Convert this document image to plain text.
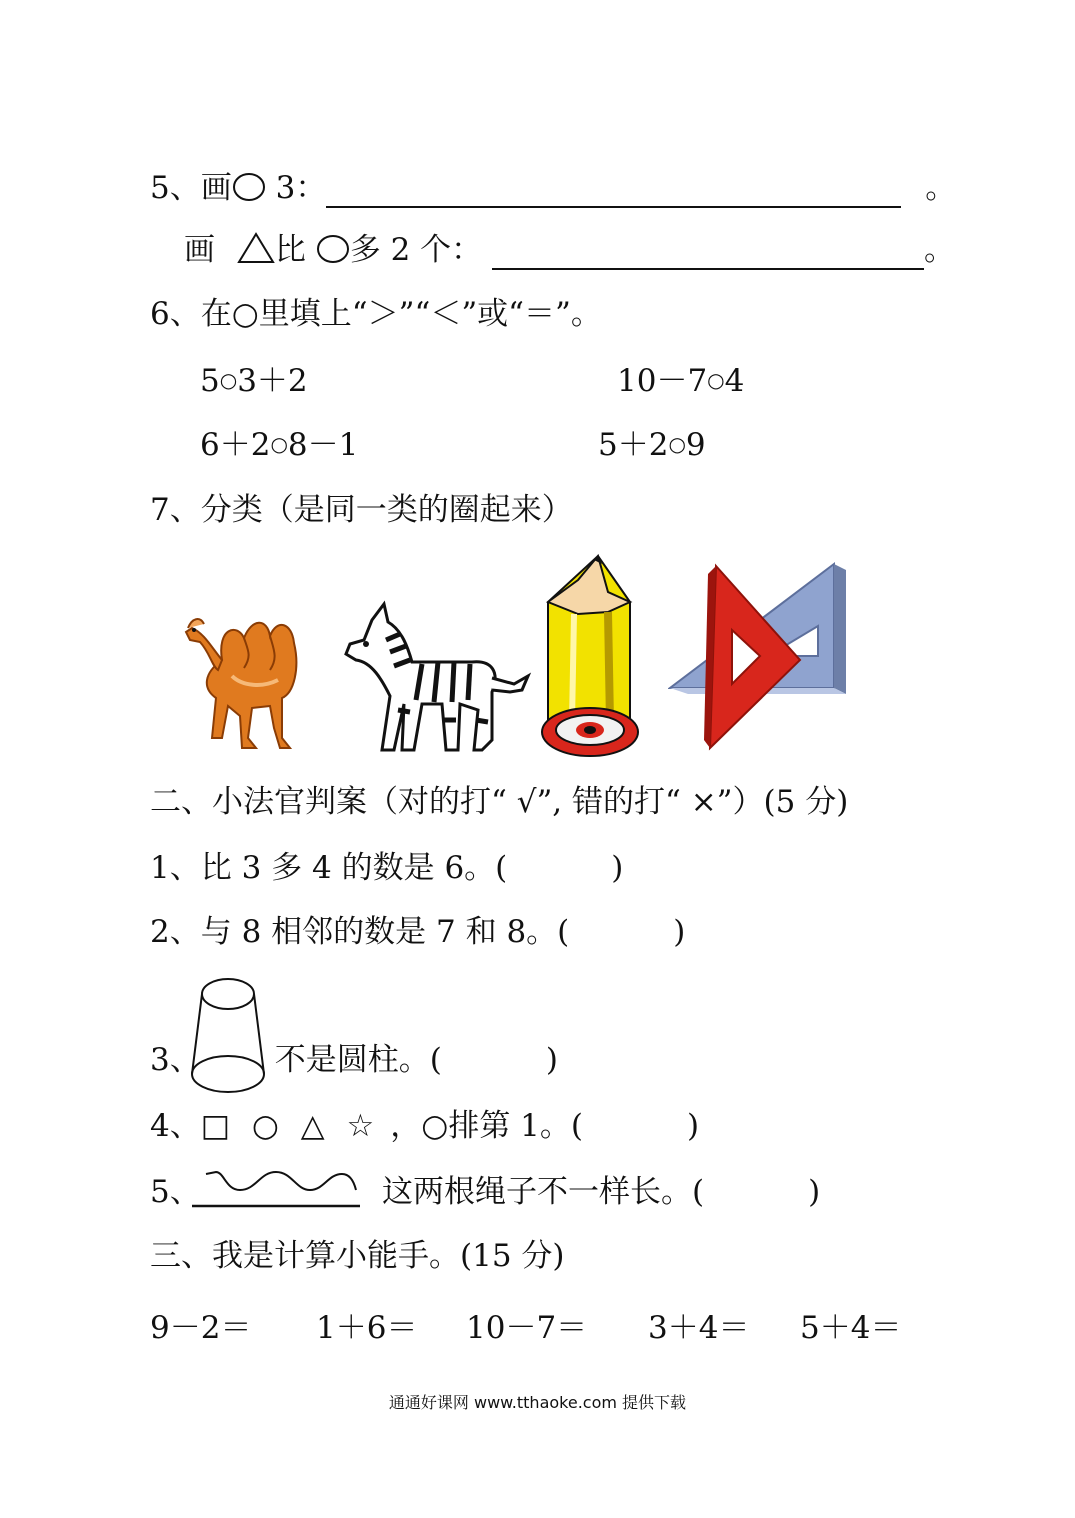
5、画 3：	。
画 比 多 2 个：	。
6、在○里填上“＞”“＜”或“＝”。
5○3＋2	10－7○4
6＋2○8－1	5＋2○9
7、分类（是同一类的圈起来）
二、小法官判案（对的打“ √”, 错的打“ ×”）(5 分)
1、比 3 多 4 的数是 6。(	)
2、与 8 相邻的数是 7 和 8。(	)
3、 不是圆柱。(	)
4、□ ○ △ ☆ ，○排第 1。(	)
5、	这两根绳子不一样长。(	)
三、我是计算小能手。(15 分)
9－2＝ 1＋6＝ 10－7＝ 3＋4＝ 5＋4＝
通通好课网 www.tthaoke.com 提供下载
